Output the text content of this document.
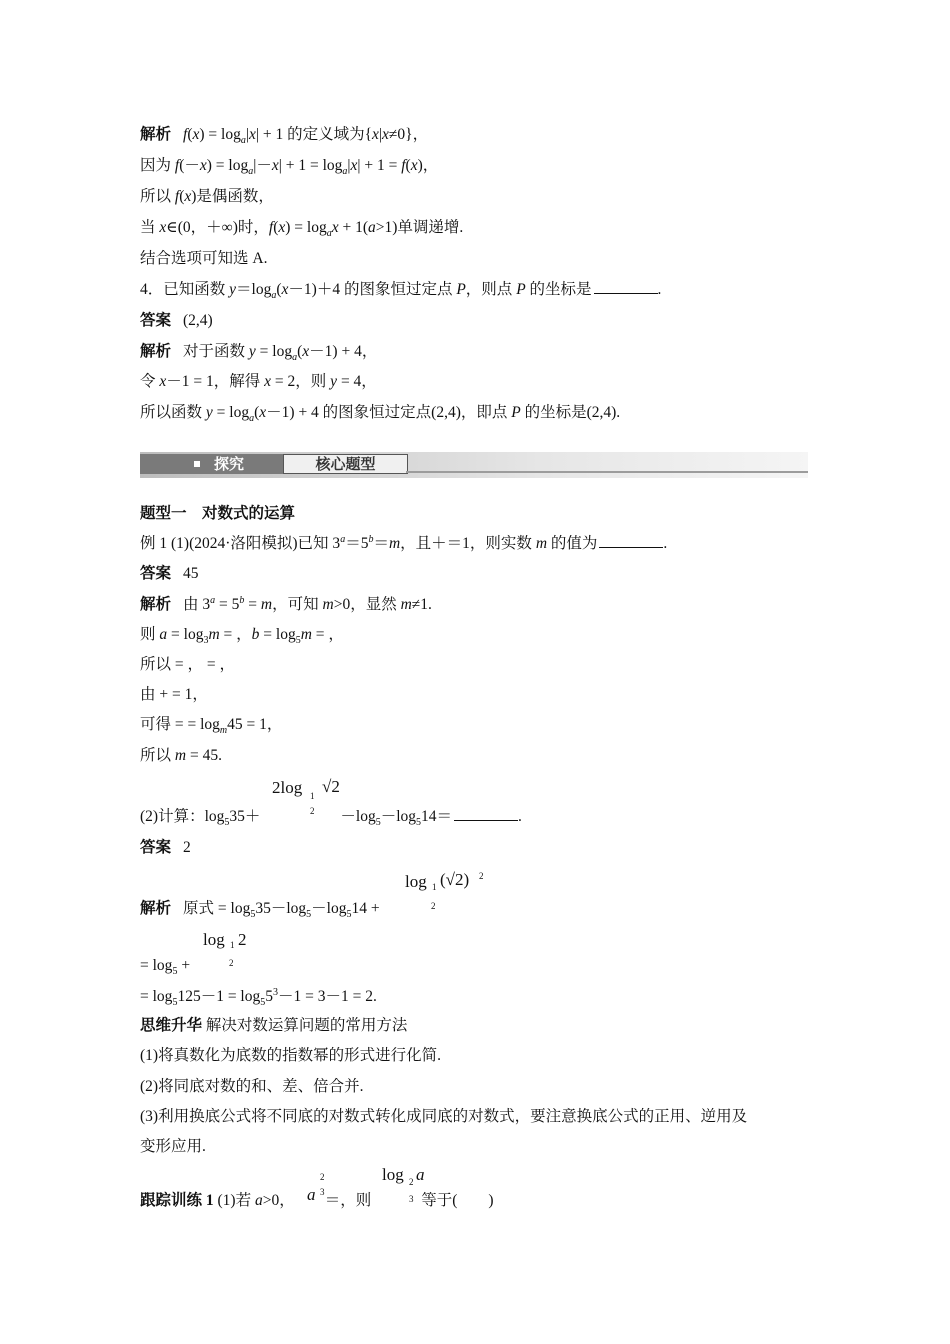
解析 $f(x) = \log_a|x| + 1$ 的定义域为{x|x≠0}，
因为 $f(-x) = \log_a|-x| + 1 = \log_a|x| + 1 = f(x)$，
所以 f(x)是偶函数，
当 x∈(0，＋∞)时，$f(x) = \log_ax + 1(a>1)$单调递增.
结合选项可知选 A.
4．已知函数 $y=\log_a(x-1)+4$ 的图象恒过定点 P，则点 P 的坐标是	.
答案 (2,4)
解析 对于函数 $y = \log_a(x-1) + 4$，
令 x－1 = 1，解得 x = 2，则 y = 4，
所以函数 $y = \log_a(x-1) + 4$ 的图象恒过定点(2,4)，即点 P 的坐标是(2,4).
探究	核心题型
题型一　对数式的运算
例 1 (1)(2024·洛阳模拟)已知 $3^a=5^b=m$，且＋＝1，则实数 m 的值为	.
答案 45
解析 由 $3^a = 5^b = m$，可知 m>0，显然 m≠1.
则 $a = \log_3m$ = ，$b = \log_5m$ = ，
所以 = ， = ，
由 + = 1，
可得 = = $\log_m45 = 1$，
所以 m = 45.
2log 1
2
√2
(2)计算：$\log_535+$	$-\log_5-\log_514=$	.
答案 2
log 1
2
(√2) 2
解析 原式 = $\log_535-\log_5-\log_514$ +
log 1
2
2
= $\log_5$ +
= $\log_5125-1 = \log_55^3-1 = 3-1 = 2$.
思维升华 解决对数运算问题的常用方法
(1)将真数化为底数的指数幂的形式进行化简.
(2)将同底对数的和、差、倍合并.
(3)利用换底公式将不同底的对数式转化成同底的对数式，要注意换底公式的正用、逆用及
变形应用.
2
a 3
log 2 a
3
跟踪训练 1 (1)若 a>0， ＝，则	等于(　　)
